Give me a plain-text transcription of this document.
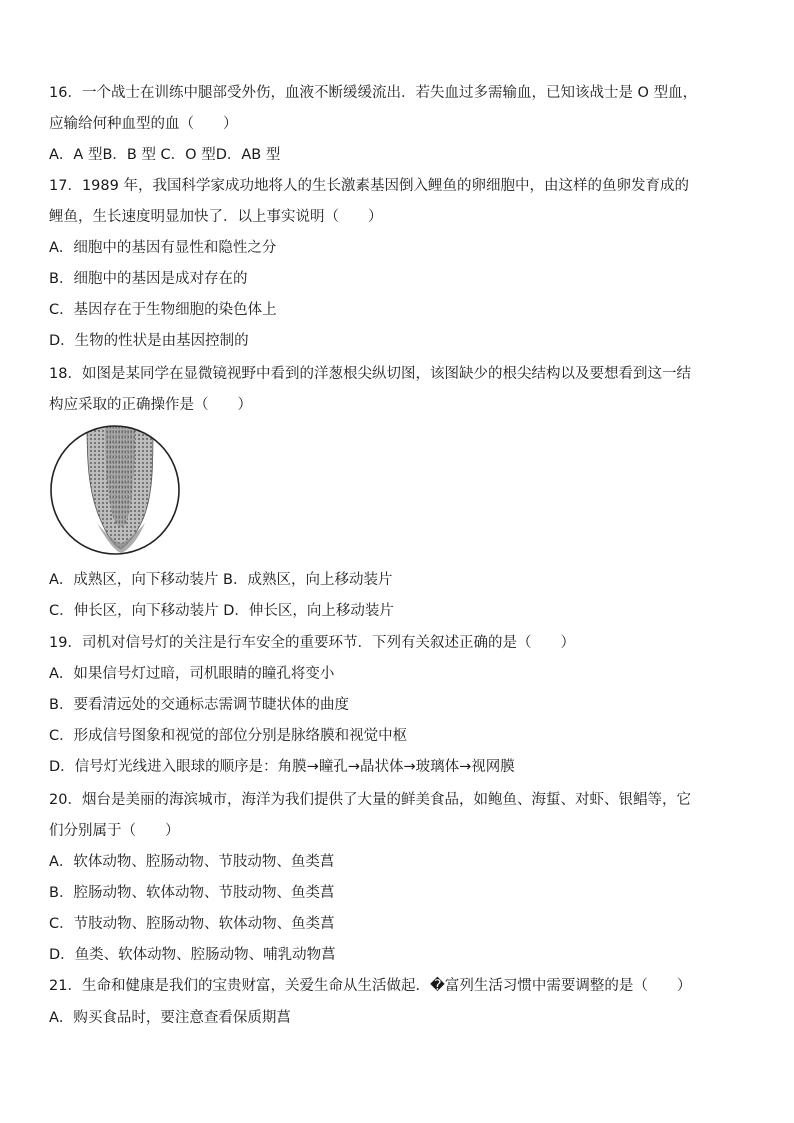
16．一个战士在训练中腿部受外伤，血液不断缓缓流出．若失血过多需输血，已知该战士是 O 型血，
应输给何种血型的血（　　）
A．A 型B．B 型 C．O 型D．AB 型
17．1989 年，我国科学家成功地将人的生长激素基因倒入鲤鱼的卵细胞中，由这样的鱼卵发育成的
鲤鱼，生长速度明显加快了．以上事实说明（　　）
A．细胞中的基因有显性和隐性之分
B．细胞中的基因是成对存在的
C．基因存在于生物细胞的染色体上
D．生物的性状是由基因控制的
18．如图是某同学在显微镜视野中看到的洋葱根尖纵切图，该图缺少的根尖结构以及要想看到这一结
构应采取的正确操作是（　　）
A．成熟区，向下移动装片 B．成熟区，向上移动装片
C．伸长区，向下移动装片 D．伸长区，向上移动装片
19．司机对信号灯的关注是行车安全的重要环节．下列有关叙述正确的是（　　）
A．如果信号灯过暗，司机眼睛的瞳孔将变小
B．要看清远处的交通标志需调节睫状体的曲度
C．形成信号图象和视觉的部位分别是脉络膜和视觉中枢
D．信号灯光线进入眼球的顺序是：角膜→瞳孔→晶状体→玻璃体→视网膜
20．烟台是美丽的海滨城市，海洋为我们提供了大量的鲜美食品，如鲍鱼、海蜇、对虾、银鲳等，它
们分别属于（　　）
A．软体动物、腔肠动物、节肢动物、鱼类菖
B．腔肠动物、软体动物、节肢动物、鱼类菖
C．节肢动物、腔肠动物、软体动物、鱼类菖
D．鱼类、软体动物、腔肠动物、哺乳动物菖
21．生命和健康是我们的宝贵财富，关爱生命从生活做起．�富列生活习惯中需要调整的是（　　）
A．购买食品时，要注意查看保质期菖
